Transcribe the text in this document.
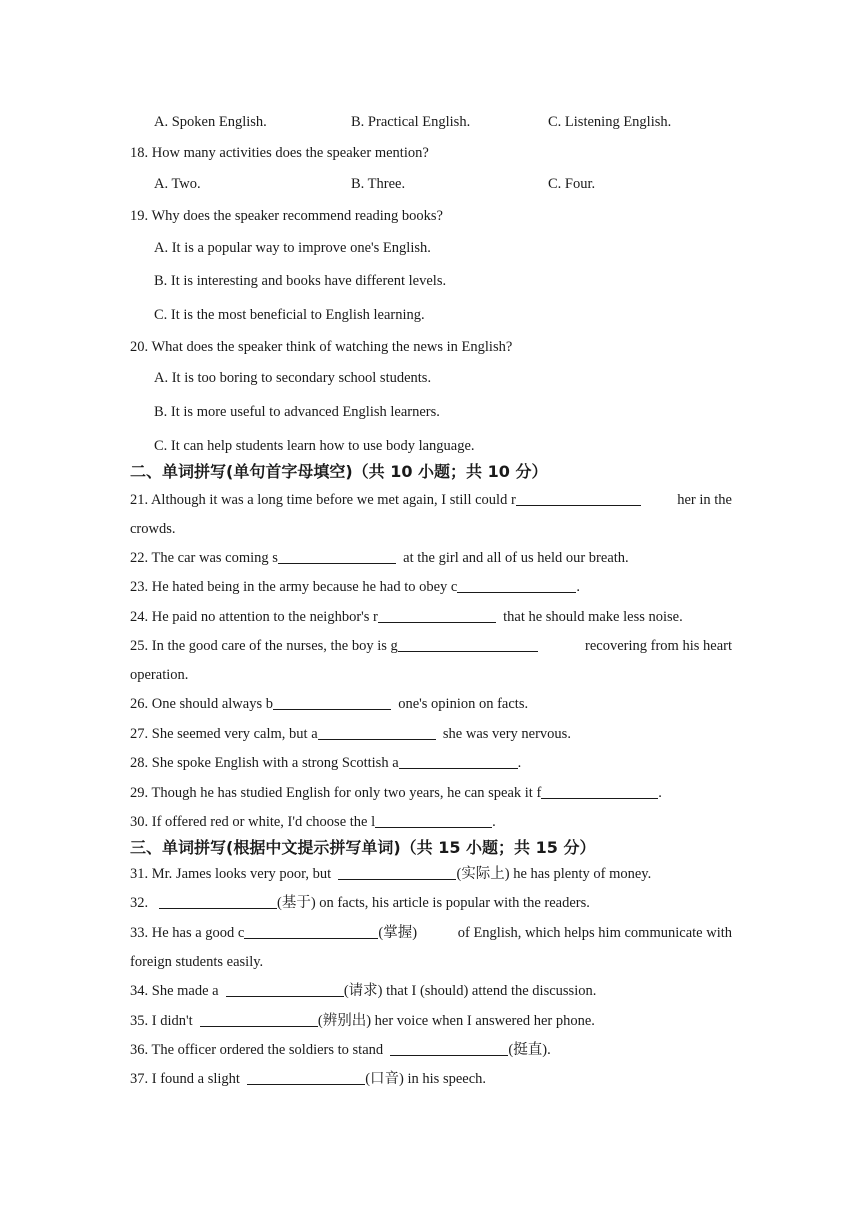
A. Spoken English.	B. Practical English.	C. Listening English.
18. How many activities does the speaker mention?
A. Two.	B. Three.	C. Four.
19. Why does the speaker recommend reading books?
A. It is a popular way to improve one's English.
B. It is interesting and books have different levels.
C. It is the most beneficial to English learning.
20. What does the speaker think of watching the news in English?
A. It is too boring to secondary school students.
B. It is more useful to advanced English learners.
C. It can help students learn how to use body language.
二、单词拼写(单句首字母填空)（共 10 小题；共 10 分）
21. Although it was a long time before we met again, I still could r	her in the
crowds.
22. The car was coming s	at the girl and all of us held our breath.
23. He hated being in the army because he had to obey c	.
24. He paid no attention to the neighbor's r	that he should make less noise.
25. In the good care of the nurses, the boy is g	recovering from his heart
operation.
26. One should always b	one's opinion on facts.
27. She seemed very calm, but a	she was very nervous.
28. She spoke English with a strong Scottish a	.
29. Though he has studied English for only two years, he can speak it f	.
30. If offered red or white, I'd choose the l	.
三、单词拼写(根据中文提示拼写单词)（共 15 小题；共 15 分）
31. Mr. James looks very poor, but	(实际上) he has plenty of money.
32.	(基于) on facts, his article is popular with the readers.
33. He has a good c	(掌握)	of English, which helps him communicate with
foreign students easily.
34. She made a	(请求) that I (should) attend the discussion.
35. I didn't	(辨别出) her voice when I answered her phone.
36. The officer ordered the soldiers to stand	(挺直).
37. I found a slight	(口音) in his speech.
